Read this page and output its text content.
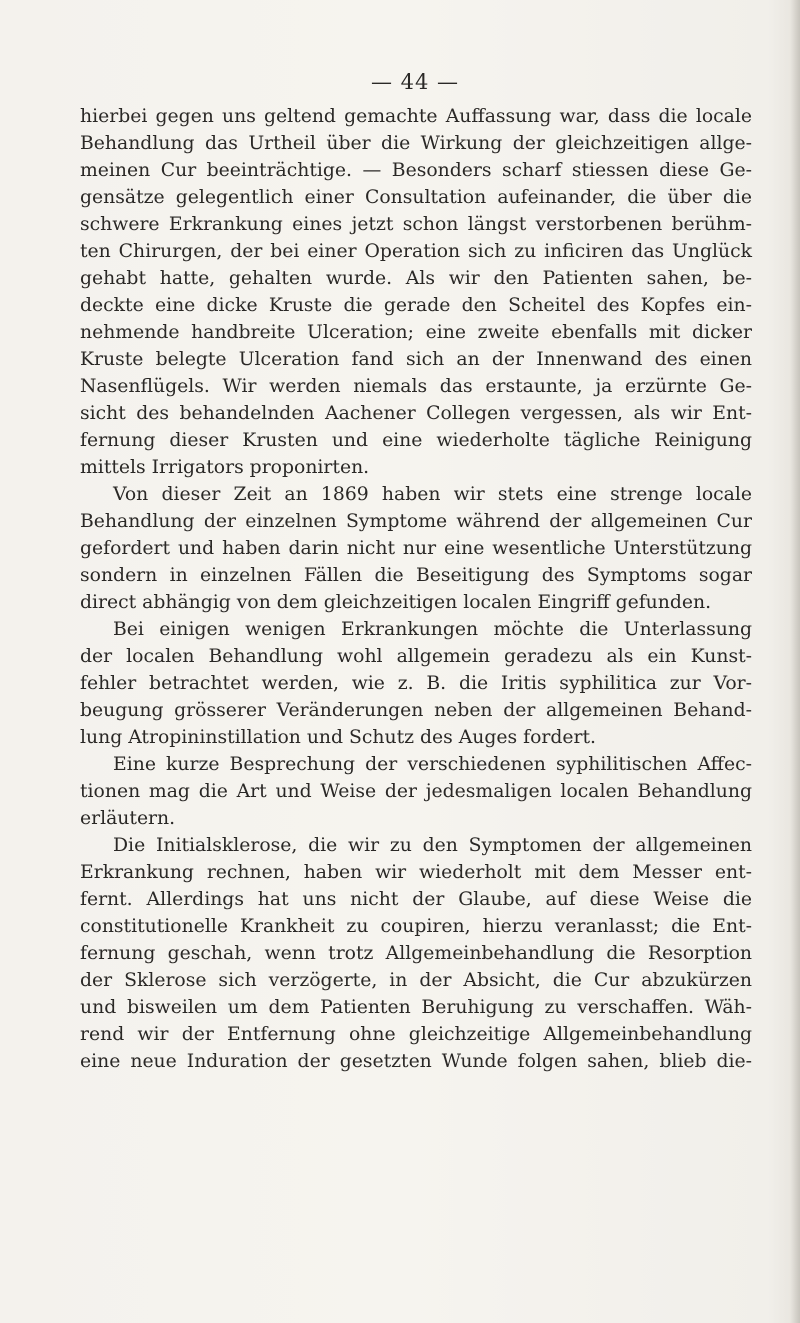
— 44 —
hierbei gegen uns geltend gemachte Auffassung war, dass die locale
Behandlung das Urtheil über die Wirkung der gleichzeitigen allge-
meinen Cur beeinträchtige. — Besonders scharf stiessen diese Ge-
gensätze gelegentlich einer Consultation aufeinander, die über die
schwere Erkrankung eines jetzt schon längst verstorbenen berühm-
ten Chirurgen, der bei einer Operation sich zu inficiren das Unglück
gehabt hatte, gehalten wurde. Als wir den Patienten sahen, be-
deckte eine dicke Kruste die gerade den Scheitel des Kopfes ein-
nehmende handbreite Ulceration; eine zweite ebenfalls mit dicker
Kruste belegte Ulceration fand sich an der Innenwand des einen
Nasenflügels. Wir werden niemals das erstaunte, ja erzürnte Ge-
sicht des behandelnden Aachener Collegen vergessen, als wir Ent-
fernung dieser Krusten und eine wiederholte tägliche Reinigung
mittels Irrigators proponirten.
Von dieser Zeit an 1869 haben wir stets eine strenge locale
Behandlung der einzelnen Symptome während der allgemeinen Cur
gefordert und haben darin nicht nur eine wesentliche Unterstützung
sondern in einzelnen Fällen die Beseitigung des Symptoms sogar
direct abhängig von dem gleichzeitigen localen Eingriff gefunden.
Bei einigen wenigen Erkrankungen möchte die Unterlassung
der localen Behandlung wohl allgemein geradezu als ein Kunst-
fehler betrachtet werden, wie z. B. die Iritis syphilitica zur Vor-
beugung grösserer Veränderungen neben der allgemeinen Behand-
lung Atropininstillation und Schutz des Auges fordert.
Eine kurze Besprechung der verschiedenen syphilitischen Affec-
tionen mag die Art und Weise der jedesmaligen localen Behandlung
erläutern.
Die Initialsklerose, die wir zu den Symptomen der allgemeinen
Erkrankung rechnen, haben wir wiederholt mit dem Messer ent-
fernt. Allerdings hat uns nicht der Glaube, auf diese Weise die
constitutionelle Krankheit zu coupiren, hierzu veranlasst; die Ent-
fernung geschah, wenn trotz Allgemeinbehandlung die Resorption
der Sklerose sich verzögerte, in der Absicht, die Cur abzukürzen
und bisweilen um dem Patienten Beruhigung zu verschaffen. Wäh-
rend wir der Entfernung ohne gleichzeitige Allgemeinbehandlung
eine neue Induration der gesetzten Wunde folgen sahen, blieb die-
